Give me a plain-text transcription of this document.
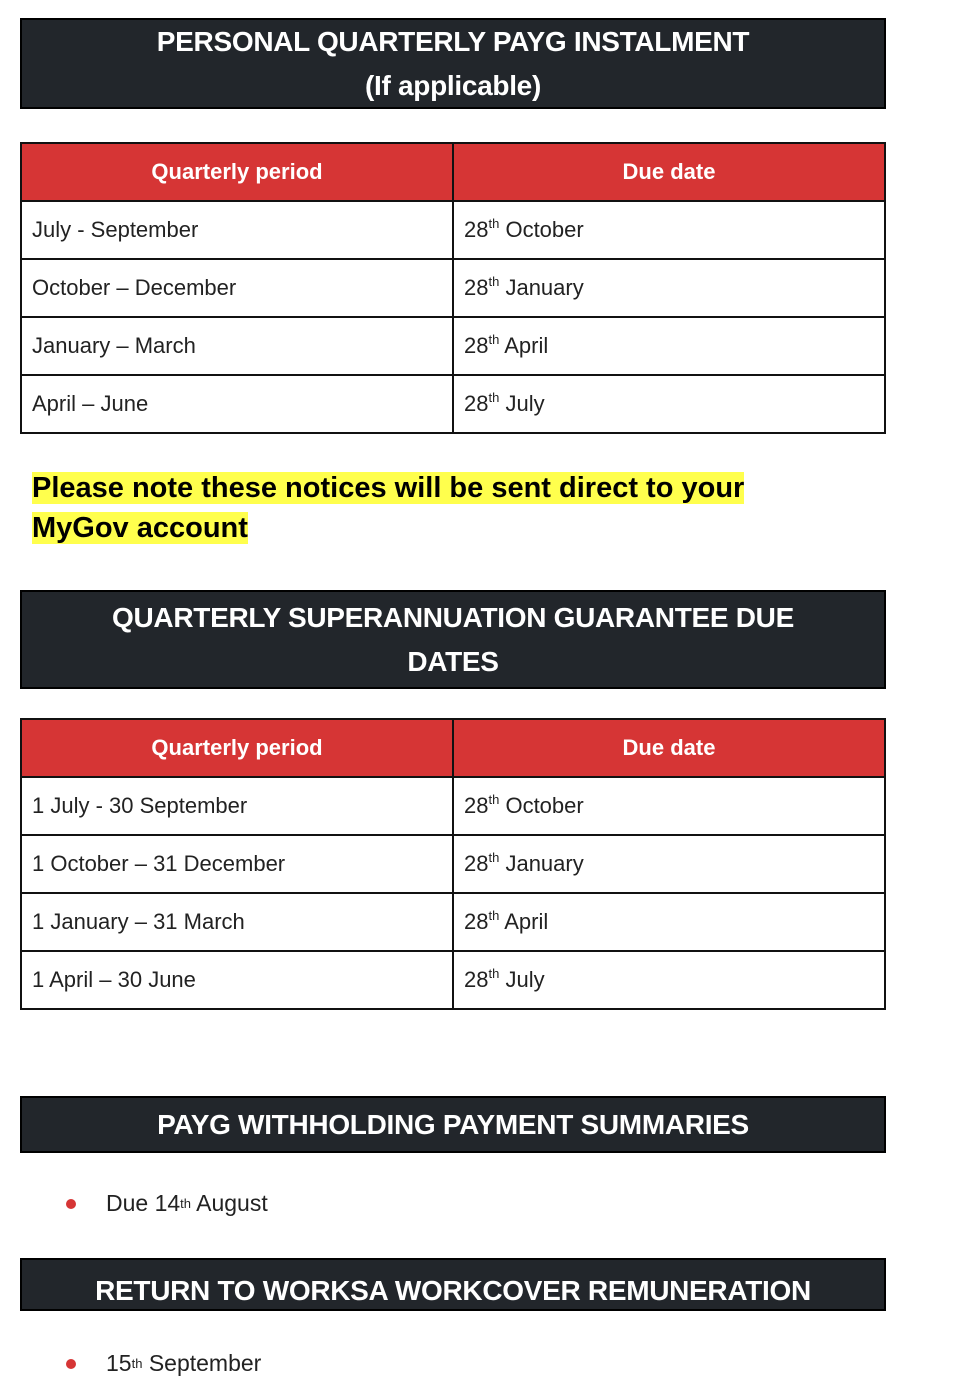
PERSONAL QUARTERLY PAYG INSTALMENT
(If applicable)
Quarterly period	Due date
July - September	28th October
October – December	28th January
January – March	28th April
April – June	28th July
Please note these notices will be sent direct to your
MyGov account
QUARTERLY SUPERANNUATION GUARANTEE DUE
DATES
Quarterly period	Due date
1 July - 30 September	28th October
1 October – 31 December	28th January
1 January – 31 March	28th April
1 April – 30 June	28th July
PAYG WITHHOLDING PAYMENT SUMMARIES
Due 14 th August
RETURN TO WORKSA WORKCOVER REMUNERATION
15 th September
